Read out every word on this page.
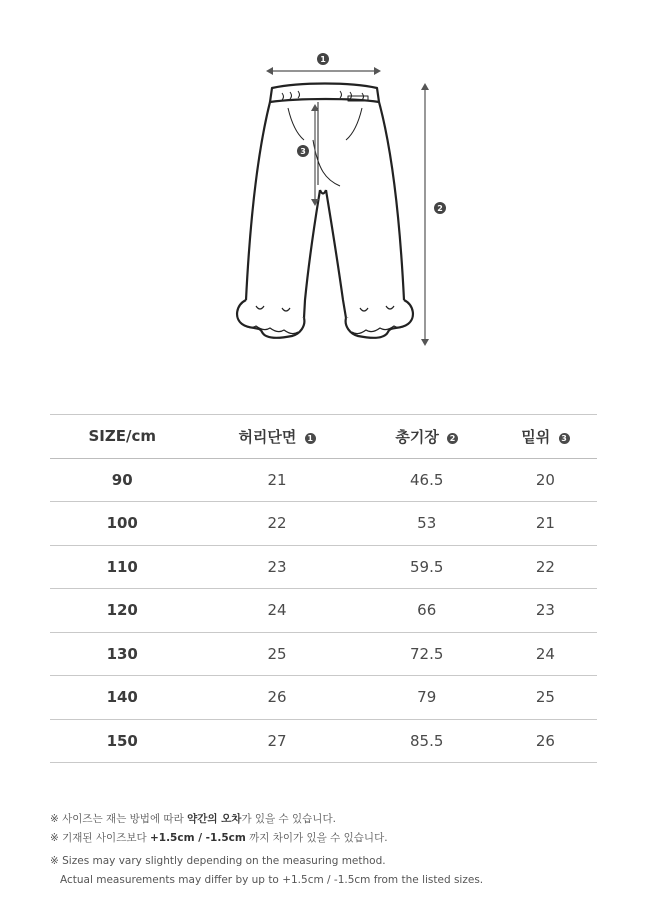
1
2
3
SIZE/cm	허리단면 1	총기장 2	밑위 3
90	21	46.5	20
100	22	53	21
110	23	59.5	22
120	24	66	23
130	25	72.5	24
140	26	79	25
150	27	85.5	26
※ 사이즈는 재는 방법에 따라 약간의 오차가 있을 수 있습니다.
※ 기재된 사이즈보다 +1.5cm / -1.5cm 까지 차이가 있을 수 있습니다.
※ Sizes may vary slightly depending on the measuring method.
Actual measurements may differ by up to +1.5cm / -1.5cm from the listed sizes.
